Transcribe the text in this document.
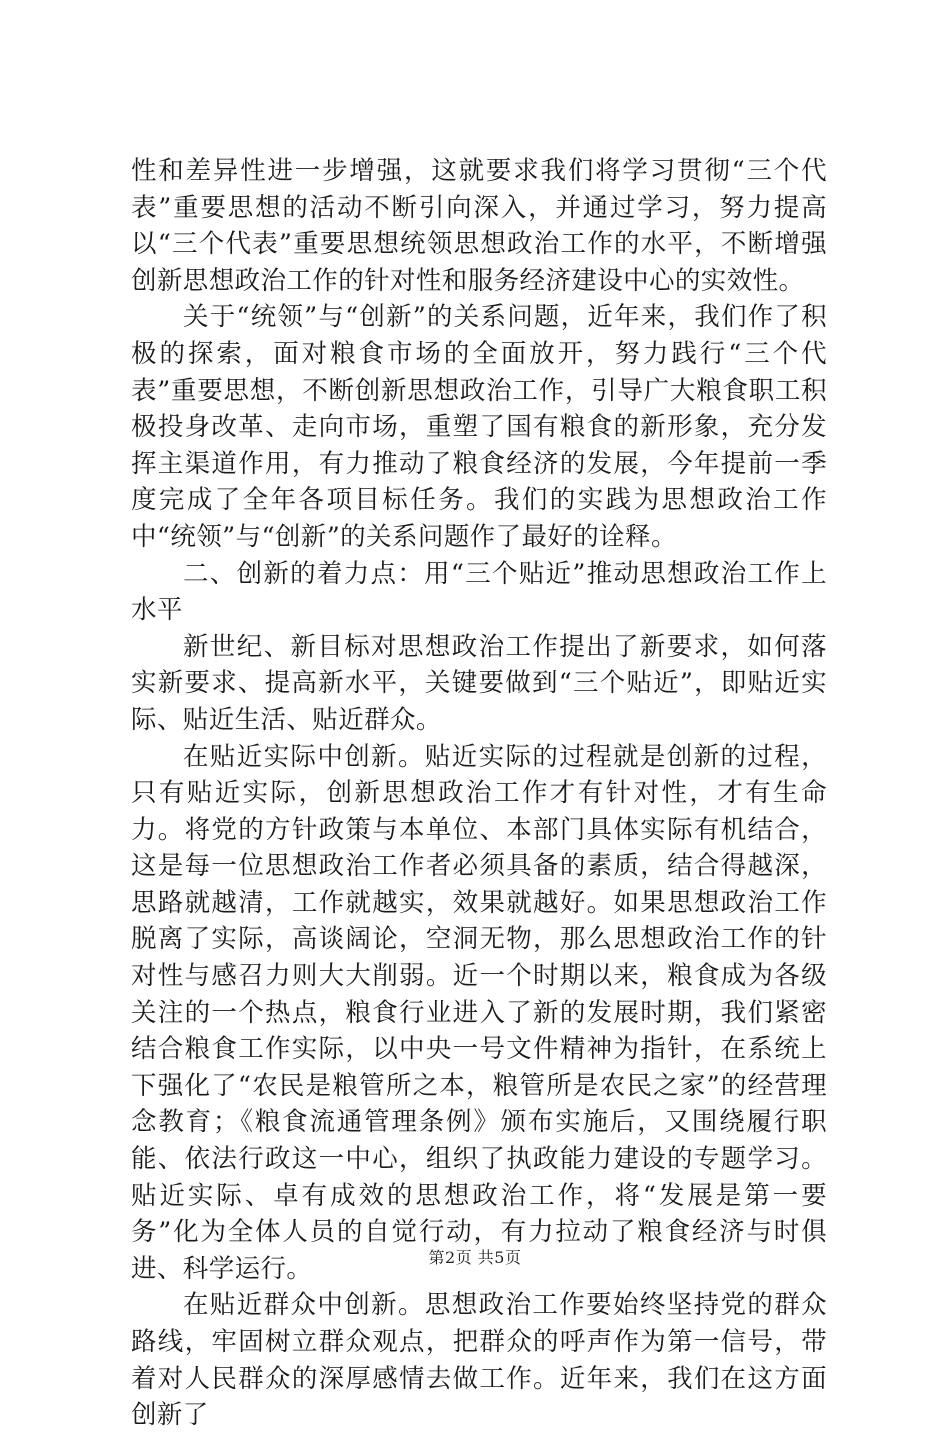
性和差异性进一步增强，这就要求我们将学习贯彻“三个代表”重要思想的活动不断引向深入，并通过学习，努力提高以“三个代表”重要思想统领思想政治工作的水平，不断增强创新思想政治工作的针对性和服务经济建设中心的实效性。

关于“统领”与“创新”的关系问题，近年来，我们作了积极的探索，面对粮食市场的全面放开，努力践行“三个代表”重要思想，不断创新思想政治工作，引导广大粮食职工积极投身改革、走向市场，重塑了国有粮食的新形象，充分发挥主渠道作用，有力推动了粮食经济的发展，今年提前一季度完成了全年各项目标任务。我们的实践为思想政治工作中“统领”与“创新”的关系问题作了最好的诠释。

二、创新的着力点：用“三个贴近”推动思想政治工作上水平

新世纪、新目标对思想政治工作提出了新要求，如何落实新要求、提高新水平，关键要做到“三个贴近”，即贴近实际、贴近生活、贴近群众。

在贴近实际中创新。贴近实际的过程就是创新的过程，只有贴近实际，创新思想政治工作才有针对性，才有生命力。将党的方针政策与本单位、本部门具体实际有机结合，这是每一位思想政治工作者必须具备的素质，结合得越深，思路就越清，工作就越实，效果就越好。如果思想政治工作脱离了实际，高谈阔论，空洞无物，那么思想政治工作的针对性与感召力则大大削弱。近一个时期以来，粮食成为各级关注的一个热点，粮食行业进入了新的发展时期，我们紧密结合粮食工作实际，以中央一号文件精神为指针，在系统上下强化了“农民是粮管所之本，粮管所是农民之家”的经营理念教育；《粮食流通管理条例》颁布实施后，又围绕履行职能、依法行政这一中心，组织了执政能力建设的专题学习。贴近实际、卓有成效的思想政治工作，将“发展是第一要务”化为全体人员的自觉行动，有力拉动了粮食经济与时俱进、科学运行。

在贴近群众中创新。思想政治工作要始终坚持党的群众路线，牢固树立群众观点，把群众的呼声作为第一信号，带着对人民群众的深厚感情去做工作。近年来，我们在这方面创新了

第2页 共5页
